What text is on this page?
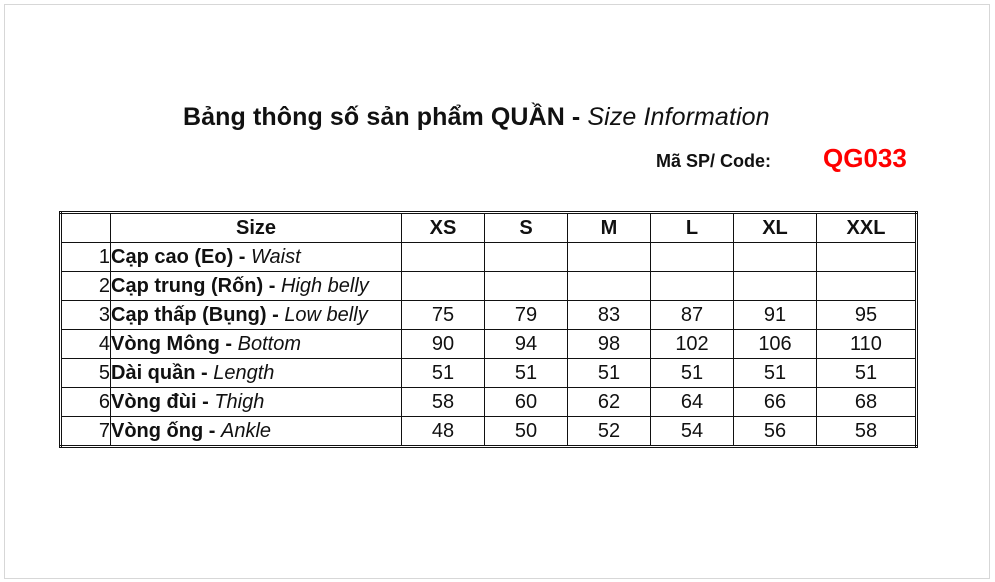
Bảng thông số sản phẩm QUẦN - Size Information
Mã SP/ Code: QG033
	Size	XS	S	M	L	XL	XXL
1	Cạp cao (Eo) - Waist						
2	Cạp trung (Rốn) - High belly						
3	Cạp thấp (Bụng) - Low belly	75	79	83	87	91	95
4	Vòng Mông - Bottom	90	94	98	102	106	110
5	Dài quần - Length	51	51	51	51	51	51
6	Vòng đùi - Thigh	58	60	62	64	66	68
7	Vòng ống - Ankle	48	50	52	54	56	58
